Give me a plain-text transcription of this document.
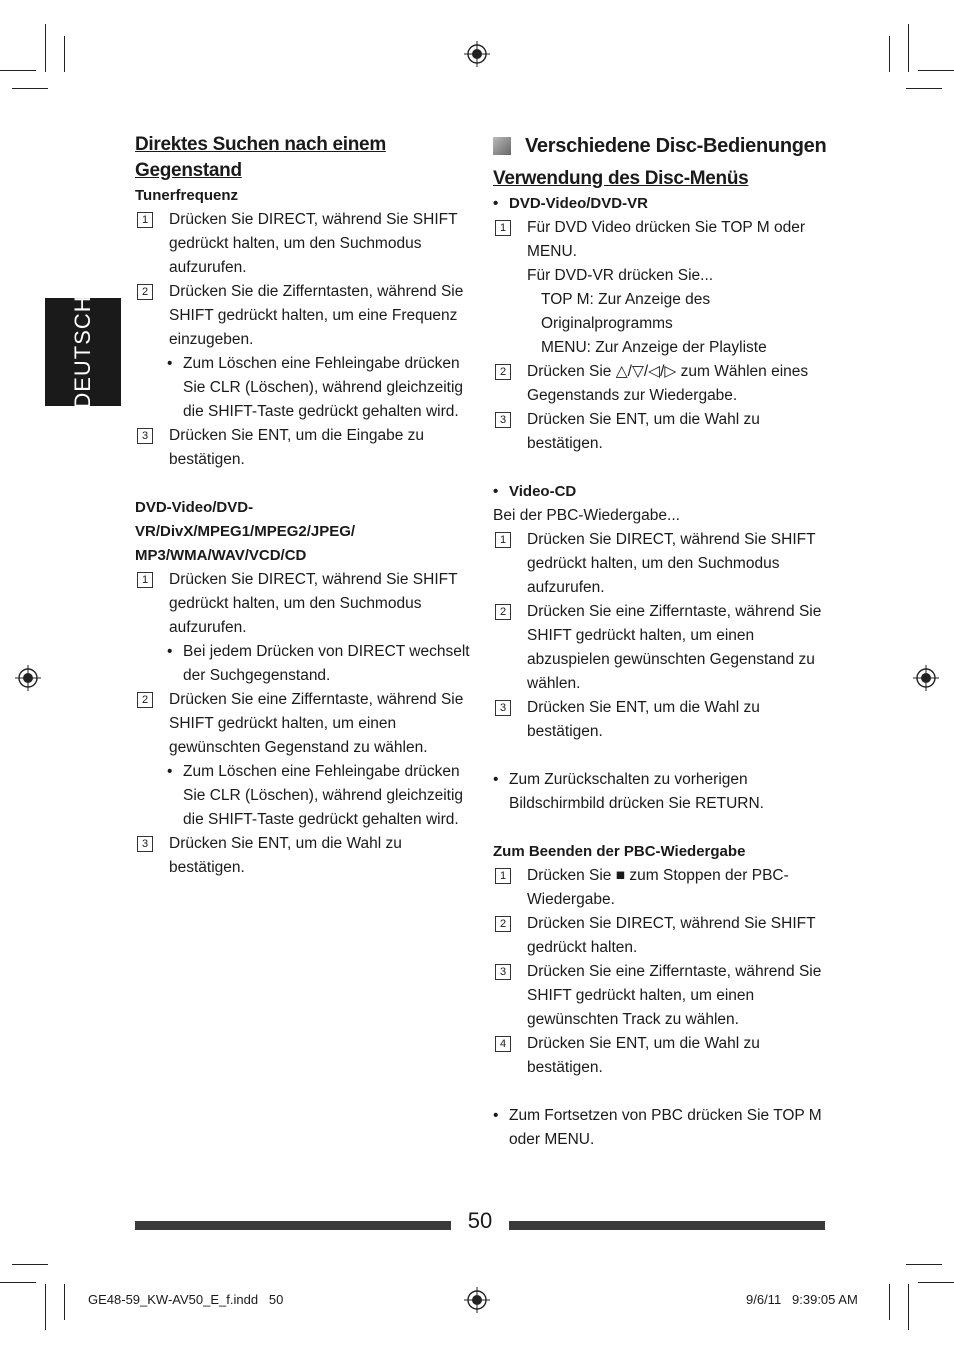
DEUTSCH
Direktes Suchen nach einem Gegenstand
Tunerfrequenz
1	Drücken Sie DIRECT, während Sie SHIFT gedrückt halten, um den Suchmodus aufzurufen.
2	Drücken Sie die Zifferntasten, während Sie SHIFT gedrückt halten, um eine Frequenz einzugeben.
• Zum Löschen eine Fehleingabe drücken Sie CLR (Löschen), während gleichzeitig die SHIFT-Taste gedrückt gehalten wird.
3	Drücken Sie ENT, um die Eingabe zu bestätigen.
DVD-Video/DVD-VR/DivX/MPEG1/MPEG2/JPEG/ MP3/WMA/WAV/VCD/CD
1	Drücken Sie DIRECT, während Sie SHIFT gedrückt halten, um den Suchmodus aufzurufen.
• Bei jedem Drücken von DIRECT wechselt der Suchgegenstand.
2	Drücken Sie eine Zifferntaste, während Sie SHIFT gedrückt halten, um einen gewünschten Gegenstand zu wählen.
• Zum Löschen eine Fehleingabe drücken Sie CLR (Löschen), während gleichzeitig die SHIFT-Taste gedrückt gehalten wird.
3	Drücken Sie ENT, um die Wahl zu bestätigen.
Verschiedene Disc-Bedienungen
Verwendung des Disc-Menüs
• DVD-Video/DVD-VR
1	Für DVD Video drücken Sie TOP M oder MENU.
Für DVD-VR drücken Sie...
TOP M: Zur Anzeige des Originalprogramms
MENU: Zur Anzeige der Playliste
2	Drücken Sie △/▽/◁/▷ zum Wählen eines Gegenstands zur Wiedergabe.
3	Drücken Sie ENT, um die Wahl zu bestätigen.
• Video-CD
Bei der PBC-Wiedergabe...
1	Drücken Sie DIRECT, während Sie SHIFT gedrückt halten, um den Suchmodus aufzurufen.
2	Drücken Sie eine Zifferntaste, während Sie SHIFT gedrückt halten, um einen abzuspielen gewünschten Gegenstand zu wählen.
3	Drücken Sie ENT, um die Wahl zu bestätigen.
• Zum Zurückschalten zu vorherigen Bildschirmbild drücken Sie RETURN.
Zum Beenden der PBC-Wiedergabe
1	Drücken Sie ■ zum Stoppen der PBC-Wiedergabe.
2	Drücken Sie DIRECT, während Sie SHIFT gedrückt halten.
3	Drücken Sie eine Zifferntaste, während Sie SHIFT gedrückt halten, um einen gewünschten Track zu wählen.
4	Drücken Sie ENT, um die Wahl zu bestätigen.
• Zum Fortsetzen von PBC drücken Sie TOP M oder MENU.
50
GE48-59_KW-AV50_E_f.indd   50	9/6/11   9:39:05 AM
